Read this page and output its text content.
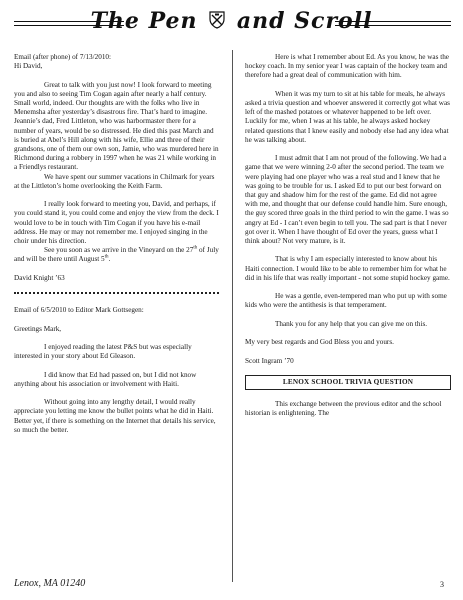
The Pen and Scroll

Email (after phone) of 7/13/2010:

Hi David,

Great to talk with you just now! I look forward to meeting you and also to seeing Tim Cogan again after nearly a half century. Small world, indeed. Our thoughts are with the folks who live in Menemsha after yesterday’s disastrous fire. That’s hard to imagine. Jeannie’s dad, Fred Littleton, who was harbormaster there for a number of years, would be so distressed. He died this past March and is buried at Abel’s Hill along with his wife, Ellie and three of their grandsons, one of them our own son, Jamie, who was murdered here in Richmond during a robbery in 1997 when he was 21 while working in a Friendlys restaurant.

We have spent our summer vacations in Chilmark for years at the Littleton’s home overlooking the Keith Farm.

I really look forward to meeting you, David, and perhaps, if you could stand it, you could come and enjoy the view from the deck. I would love to be in touch with Tim Cogan if you have his e-mail address. He may or may not remember me. I enjoyed singing in the choir under his direction.

See you soon as we arrive in the Vineyard on the 27th of July and will be there until August 5th.

David Knight ’63

Email of 6/5/2010 to Editor Mark Gottsegen:

Greetings Mark,

I enjoyed reading the latest P&S but was especially interested in your story about Ed Gleason.

I did know that Ed had passed on, but I did not know anything about his association or involvement with Haiti.

Without going into any lengthy detail, I would really appreciate you letting me know the bullet points what he did in Haiti. Better yet, if there is something on the Internet that details his service, so much the better.

Here is what I remember about Ed. As you know, he was the hockey coach. In my senior year I was captain of the hockey team and therefore had a great deal of communication with him.

When it was my turn to sit at his table for meals, he always asked a trivia question and whoever answered it correctly got what was left of the mashed potatoes or whatever happened to be left over. Luckily for me, when I was at his table, he always asked hockey related questions that I knew easily and nobody else had any idea what he was talking about.

I must admit that I am not proud of the following. We had a game that we were winning 2-0 after the second period. The team we were playing had one player who was a real stud and I knew that he was going to be trouble for us. I asked Ed to put our best forward on that guy and shadow him for the rest of the game. Ed did not agree with me, and thought that our defense could handle him. Sure enough, the guy scored three goals in the third period to win the game. I was so angry at Ed - I can’t even begin to tell you. The sad part is that I never got over it. When I have thought of Ed over the years, guess what I think about? Not very mature, is it.

That is why I am especially interested to know about his Haiti connection. I would like to be able to remember him for what he did in his life that was really important - not some stupid hockey game.

He was a gentle, even-tempered man who put up with some kids who were the antithesis is that temperament.

Thank you for any help that you can give me on this.

My very best regards and God Bless you and yours.

Scott Ingram ’70

LENOX SCHOOL TRIVIA QUESTION

This exchange between the previous editor and the school historian is enlightening. The

Lenox, MA 01240	3
